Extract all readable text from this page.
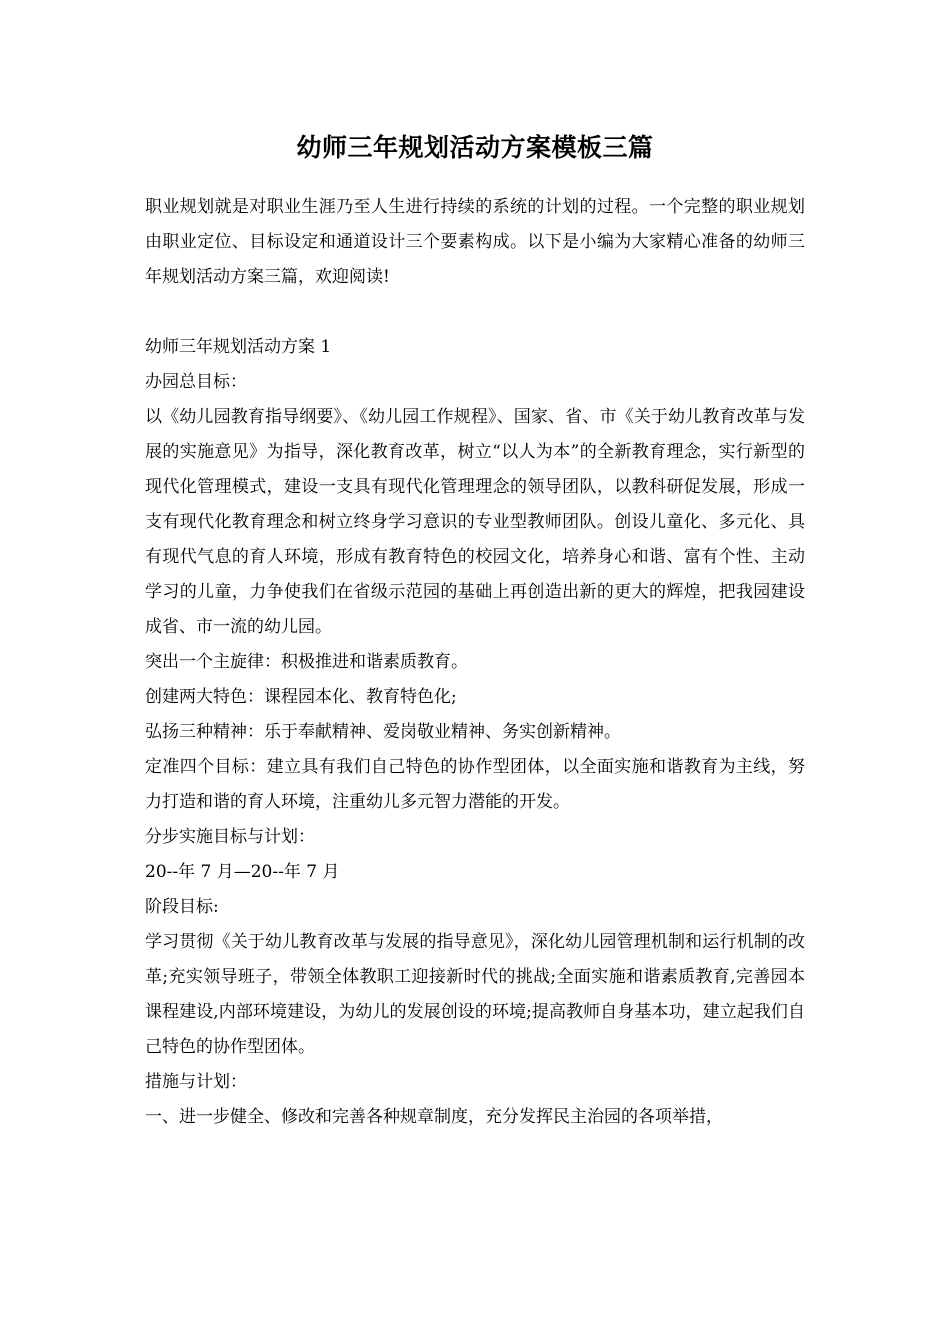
幼师三年规划活动方案模板三篇

职业规划就是对职业生涯乃至人生进行持续的系统的计划的过程。一个完整的职业规划由职业定位、目标设定和通道设计三个要素构成。以下是小编为大家精心准备的幼师三年规划活动方案三篇，欢迎阅读!

幼师三年规划活动方案 1

办园总目标：

以《幼儿园教育指导纲要》、《幼儿园工作规程》、国家、省、市《关于幼儿教育改革与发展的实施意见》为指导，深化教育改革，树立“以人为本”的全新教育理念，实行新型的现代化管理模式，建设一支具有现代化管理理念的领导团队，以教科研促发展，形成一支有现代化教育理念和树立终身学习意识的专业型教师团队。创设儿童化、多元化、具有现代气息的育人环境，形成有教育特色的校园文化，培养身心和谐、富有个性、主动学习的儿童，力争使我们在省级示范园的基础上再创造出新的更大的辉煌，把我园建设成省、市一流的幼儿园。

突出一个主旋律：积极推进和谐素质教育。

创建两大特色：课程园本化、教育特色化;

弘扬三种精神：乐于奉献精神、爱岗敬业精神、务实创新精神。

定准四个目标：建立具有我们自己特色的协作型团体，以全面实施和谐教育为主线，努力打造和谐的育人环境，注重幼儿多元智力潜能的开发。

分步实施目标与计划：

20--年 7 月—20--年 7 月

阶段目标:

学习贯彻《关于幼儿教育改革与发展的指导意见》，深化幼儿园管理机制和运行机制的改革;充实领导班子，带领全体教职工迎接新时代的挑战;全面实施和谐素质教育,完善园本课程建设,内部环境建设，为幼儿的发展创设的环境;提高教师自身基本功，建立起我们自己特色的协作型团体。

措施与计划：

一、进一步健全、修改和完善各种规章制度，充分发挥民主治园的各项举措，
